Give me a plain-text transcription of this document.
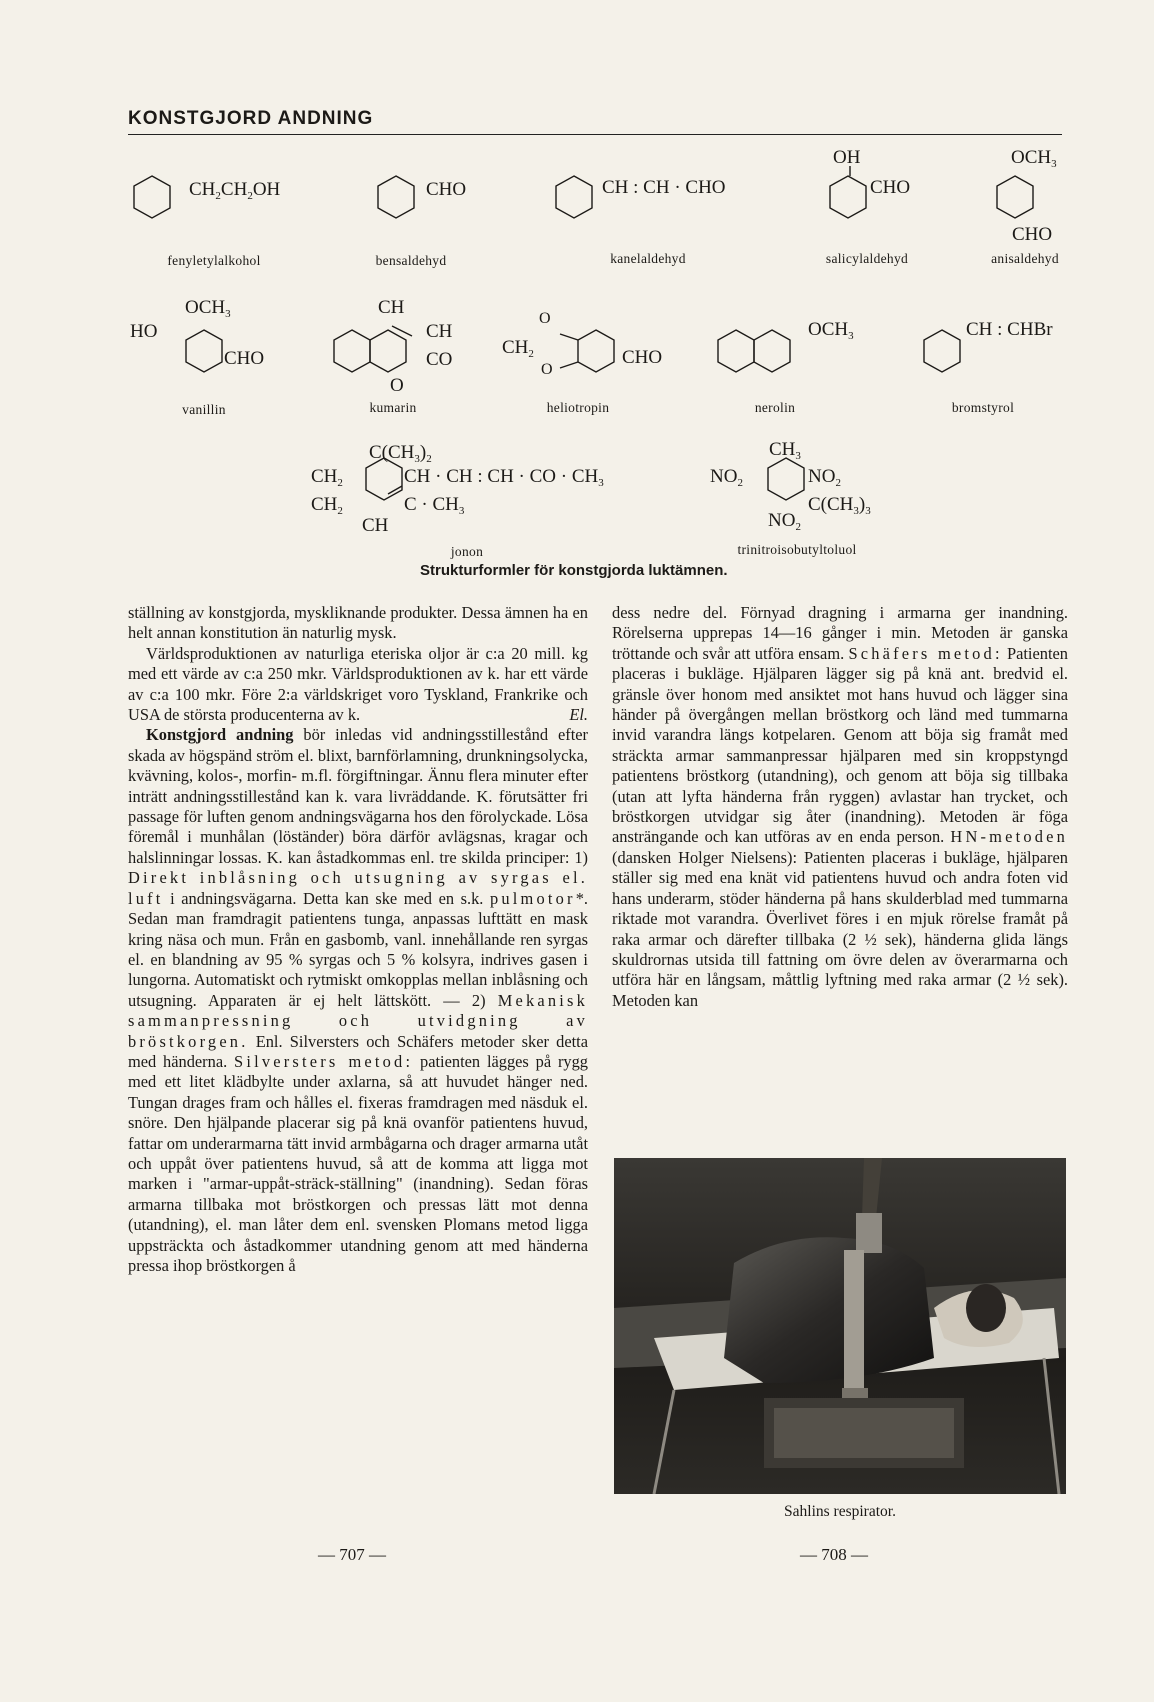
KONSTGJORD ANDNING
$CH_2CH_2OH$	CHO	CH : CH · CHO
OH
CHO
$OCH_3$
CHO
fenyletylalkohol	bensaldehyd	kanelaldehyd	salicylaldehyd	anisaldehyd
$OCH_3$
HO
CHO
CH
CH
CO
O
O
$CH_2$
O
CHO
$OCH_3$	CH : CHBr
vanillin	kumarin	heliotropin	nerolin	bromstyrol
$C(CH_3)_2$
$CH_2$	CH · CH : CH · CO · $CH_3$
$CH_2$	$C \cdot CH_3$
CH
$CH_3$
$NO_2$	$NO_2$
$C(CH_3)_3$
$NO_2$
jonon	trinitroisobutyltoluol
Strukturformler för konstgjorda luktämnen.

ställning av konstgjorda, myskliknande produkter. Dessa ämnen ha en helt annan konstitution än naturlig mysk.

Världsproduktionen av naturliga eteriska oljor är c:a 20 mill. kg med ett värde av c:a 250 mkr. Världsproduktionen av k. har ett värde av c:a 100 mkr. Före 2:a världskriget voro Tyskland, Frankrike och USA de största producenterna av k.	El.

Konstgjord andning bör inledas vid andningsstillestånd efter skada av högspänd ström el. blixt, barnförlamning, drunkningsolycka, kvävning, kolos-, morfin- m.fl. förgiftningar. Ännu flera minuter efter inträtt andningsstillestånd kan k. vara livräddande. K. förutsätter fri passage för luften genom andningsvägarna hos den förolyckade. Lösa föremål i munhålan (löständer) böra därför avlägsnas, kragar och halslinningar lossas. K. kan åstadkommas enl. tre skilda principer: 1) Direkt inblåsning och utsugning av syrgas el. luft i andningsvägarna. Detta kan ske med en s.k. pulmotor*. Sedan man framdragit patientens tunga, anpassas lufttätt en mask kring näsa och mun. Från en gasbomb, vanl. innehållande ren syrgas el. en blandning av 95 % syrgas och 5 % kolsyra, indrives gasen i lungorna. Automatiskt och rytmiskt omkopplas mellan inblåsning och utsugning. Apparaten är ej helt lättskött. — 2) Mekanisk sammanpressning och utvidgning av bröstkorgen. Enl. Silversters och Schäfers metoder sker detta med händerna. Silversters metod: patienten lägges på rygg med ett litet klädbylte under axlarna, så att huvudet hänger ned. Tungan drages fram och hålles el. fixeras framdragen med näsduk el. snöre. Den hjälpande placerar sig på knä ovanför patientens huvud, fattar om underarmarna tätt invid armbågarna och drager armarna utåt och uppåt över patientens huvud, så att de komma att ligga mot marken i "armar-uppåt-sträck-ställning" (inandning). Sedan föras armarna tillbaka mot bröstkorgen och pressas lätt mot denna (utandning), el. man låter dem enl. svensken Plomans metod ligga uppsträckta och åstadkommer utandning genom att med händerna pressa ihop bröstkorgen å

dess nedre del. Förnyad dragning i armarna ger inandning. Rörelserna upprepas 14—16 gånger i min. Metoden är ganska tröttande och svår att utföra ensam. Schäfers metod: Patienten placeras i bukläge. Hjälparen lägger sig på knä ant. bredvid el. gränsle över honom med ansiktet mot hans huvud och lägger sina händer på övergången mellan bröstkorg och länd med tummarna invid varandra längs kotpelaren. Genom att böja sig framåt med sträckta armar sammanpressar hjälparen med sin kroppstyngd patientens bröstkorg (utandning), och genom att böja sig tillbaka (utan att lyfta händerna från ryggen) avlastar han trycket, och bröstkorgen utvidgar sig åter (inandning). Metoden är föga ansträngande och kan utföras av en enda person. HN-metoden (dansken Holger Nielsens): Patienten placeras i bukläge, hjälparen ställer sig med ena knät vid patientens huvud och andra foten vid hans underarm, stöder händerna på hans skulderblad med tummarna riktade mot varandra. Överlivet föres i en mjuk rörelse framåt på raka armar och därefter tillbaka (2 ½ sek), händerna glida längs skuldrornas utsida till fattning om övre delen av överarmarna och utföra här en långsam, måttlig lyftning med raka armar (2 ½ sek). Metoden kan

Sahlins respirator.
— 707 —	— 708 —
